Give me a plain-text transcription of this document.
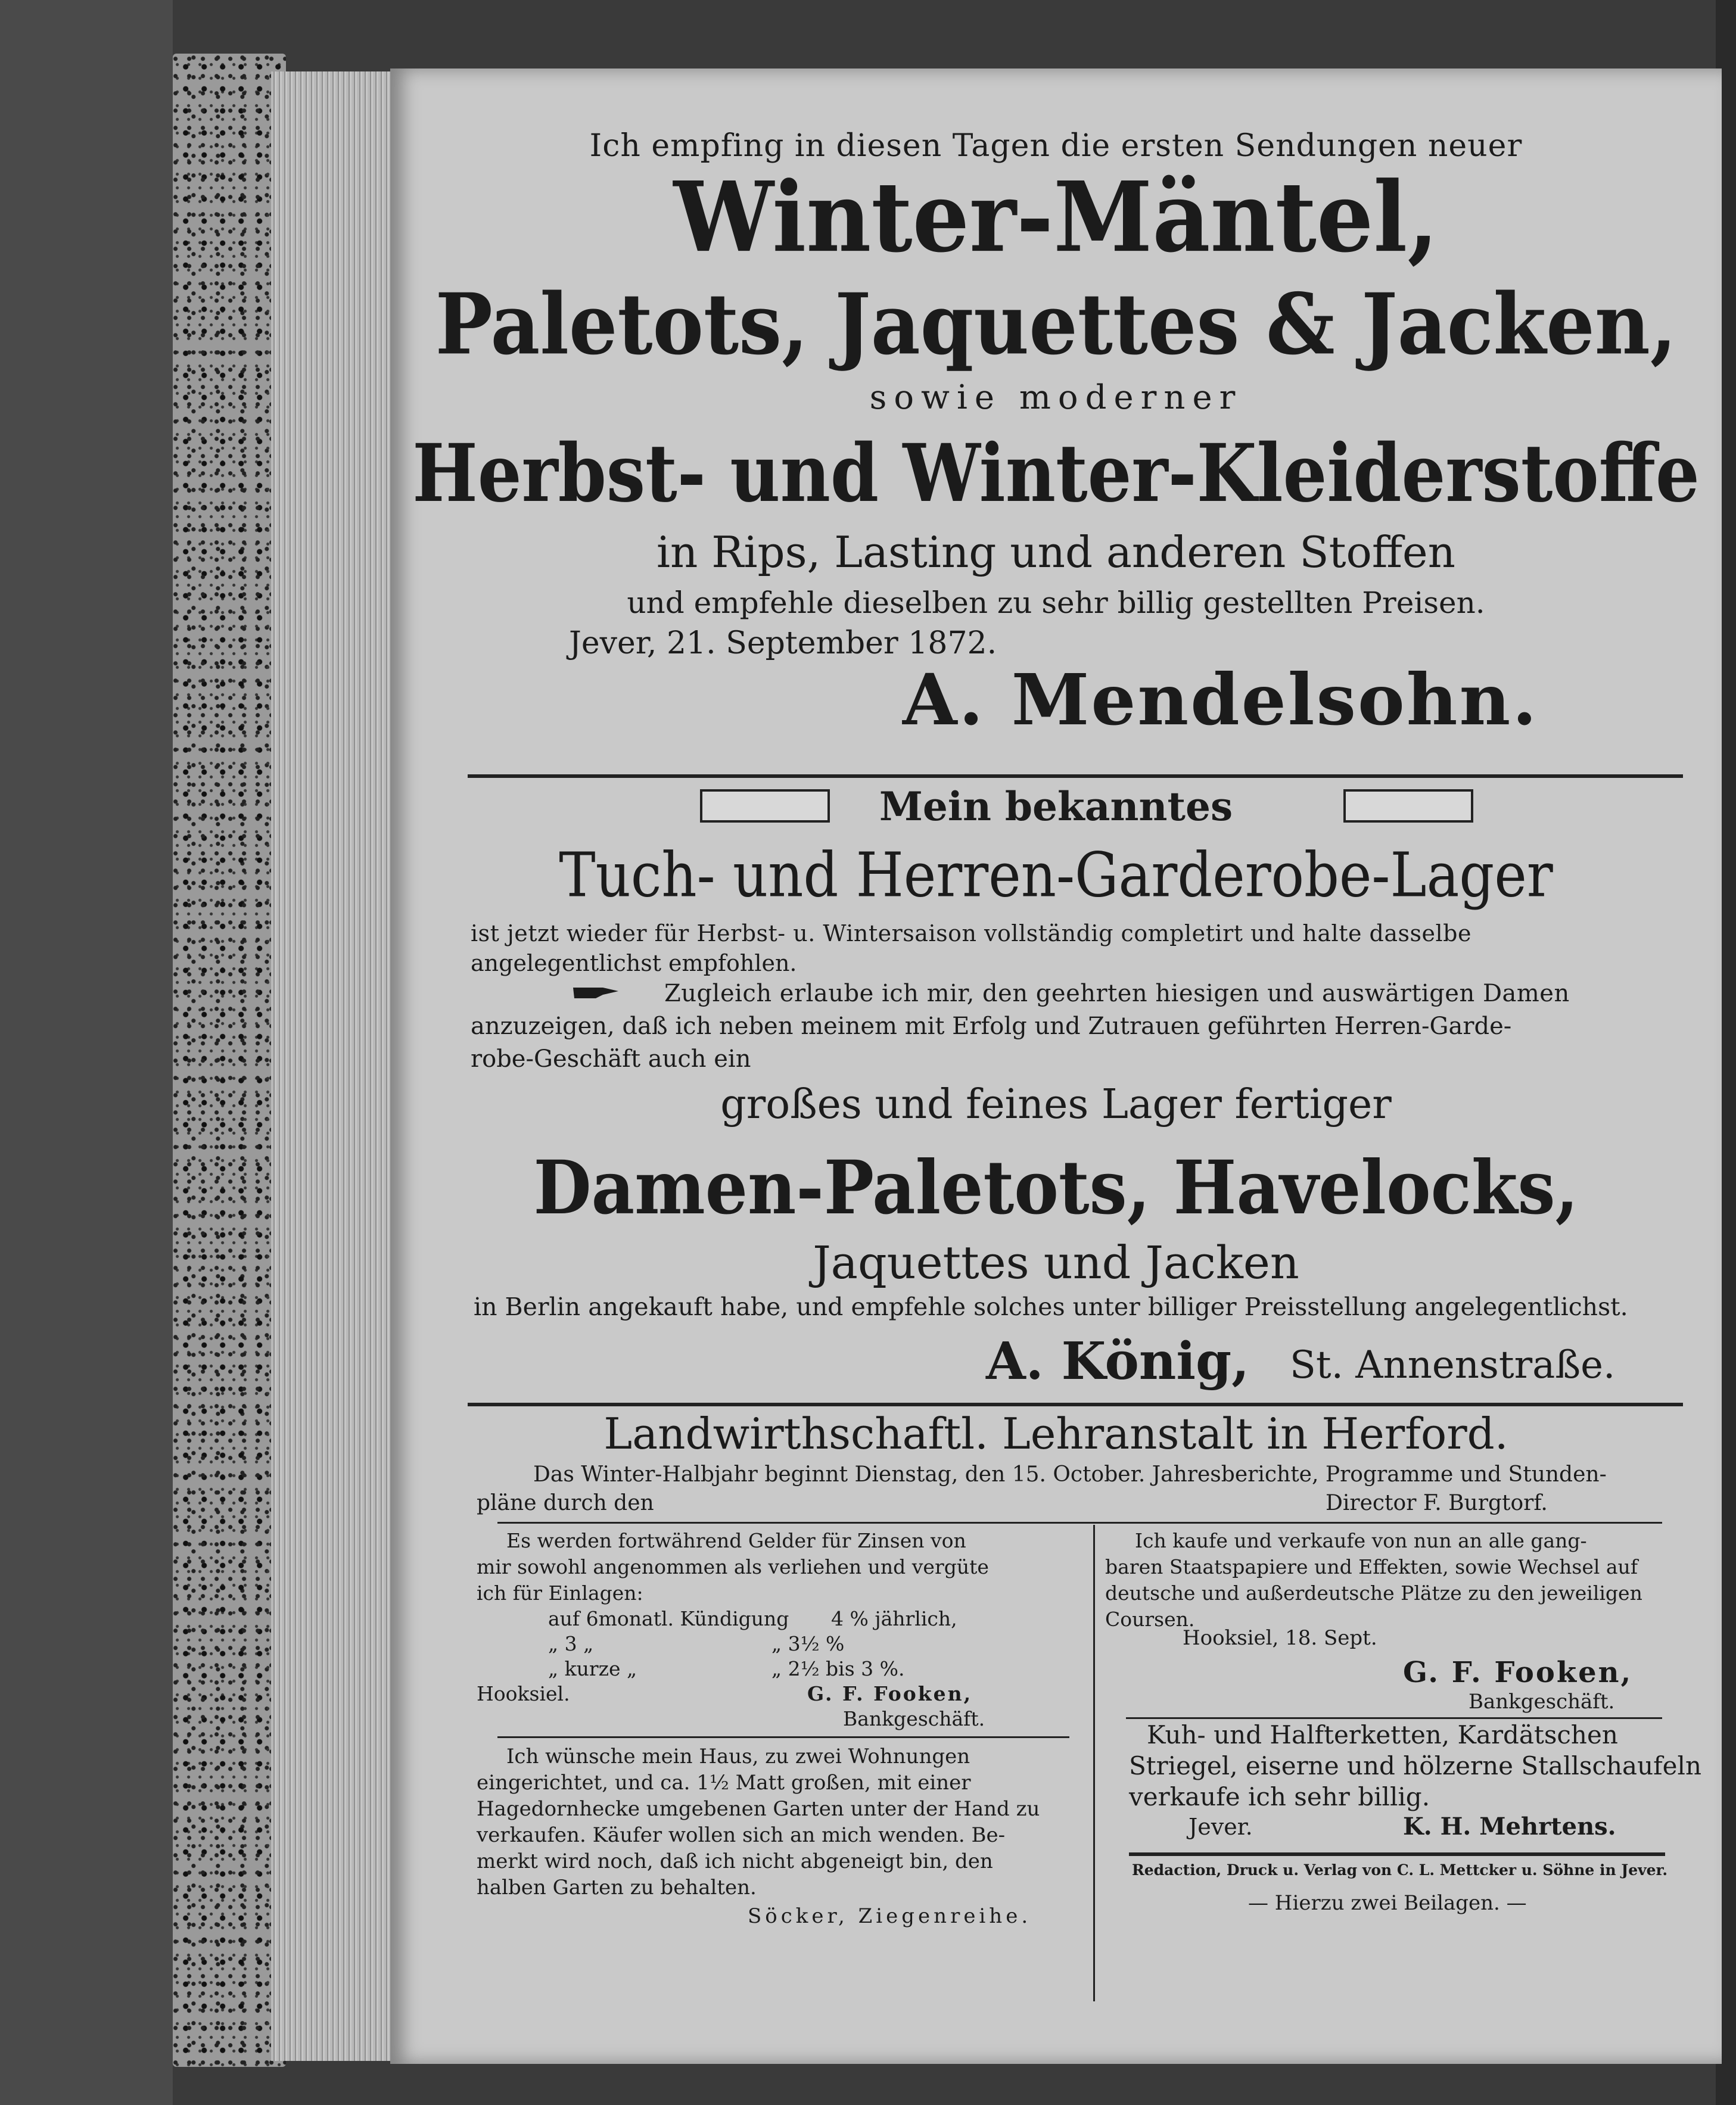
Ich empfing in diesen Tagen die ersten Sendungen neuer
Winter-Mäntel,
Paletots, Jaquettes & Jacken,
sowie moderner
Herbst- und Winter-Kleiderstoffe
in Rips, Lasting und anderen Stoffen
und empfehle dieselben zu sehr billig gestellten Preisen.
Jever, 21. September 1872.
A. Mendelsohn.
Mein bekanntes
Tuch- und Herren-Garderobe-Lager
ist jetzt wieder für Herbst- u. Wintersaison vollständig completirt und halte dasselbe
angelegentlichst empfohlen.
Zugleich erlaube ich mir, den geehrten hiesigen und auswärtigen Damen
anzuzeigen, daß ich neben meinem mit Erfolg und Zutrauen geführten Herren-Garde-
robe-Geschäft auch ein
großes und feines Lager fertiger
Damen-Paletots, Havelocks,
Jaquettes und Jacken
in Berlin angekauft habe, und empfehle solches unter billiger Preisstellung angelegentlichst.
A. König, St. Annenstraße.
Landwirthschaftl. Lehranstalt in Herford.
Das Winter-Halbjahr beginnt Dienstag, den 15. October. Jahresberichte, Programme und Stunden-
pläne durch den	Director F. Burgtorf.
Es werden fortwährend Gelder für Zinsen von
mir sowohl angenommen als verliehen und vergüte
ich für Einlagen:
auf 6monatl. Kündigung 4 % jährlich,
„ 3 „	„ 3½ %
„ kurze „	„ 2½ bis 3 %.
Hooksiel.	G. F. Fooken,
Bankgeschäft.
Ich wünsche mein Haus, zu zwei Wohnungen
eingerichtet, und ca. 1½ Matt großen, mit einer
Hagedornhecke umgebenen Garten unter der Hand zu
verkaufen. Käufer wollen sich an mich wenden. Be-
merkt wird noch, daß ich nicht abgeneigt bin, den
halben Garten zu behalten.
Söcker, Ziegenreihe.
Ich kaufe und verkaufe von nun an alle gang-
baren Staatspapiere und Effekten, sowie Wechsel auf
deutsche und außerdeutsche Plätze zu den jeweiligen
Coursen.
Hooksiel, 18. Sept.
G. F. Fooken,
Bankgeschäft.
Kuh- und Halfterketten, Kardätschen
Striegel, eiserne und hölzerne Stallschaufeln
verkaufe ich sehr billig.
Jever.	K. H. Mehrtens.
Redaction, Druck u. Verlag von C. L. Mettcker u. Söhne in Jever.
— Hierzu zwei Beilagen. —
